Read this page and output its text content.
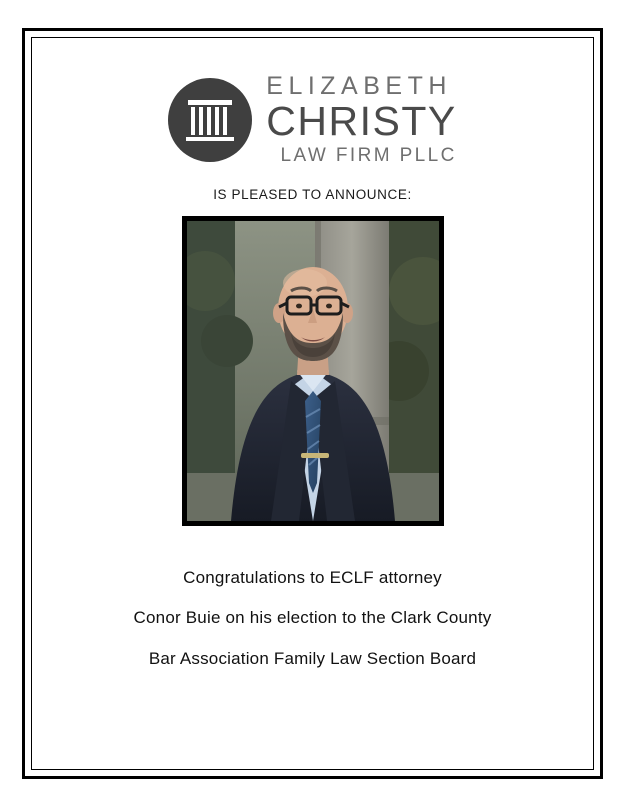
ELIZABETH
CHRISTY
LAW FIRM PLLC
IS PLEASED TO ANNOUNCE:

Congratulations to ECLF attorney

Conor Buie on his election to the Clark County

Bar Association Family Law Section Board
